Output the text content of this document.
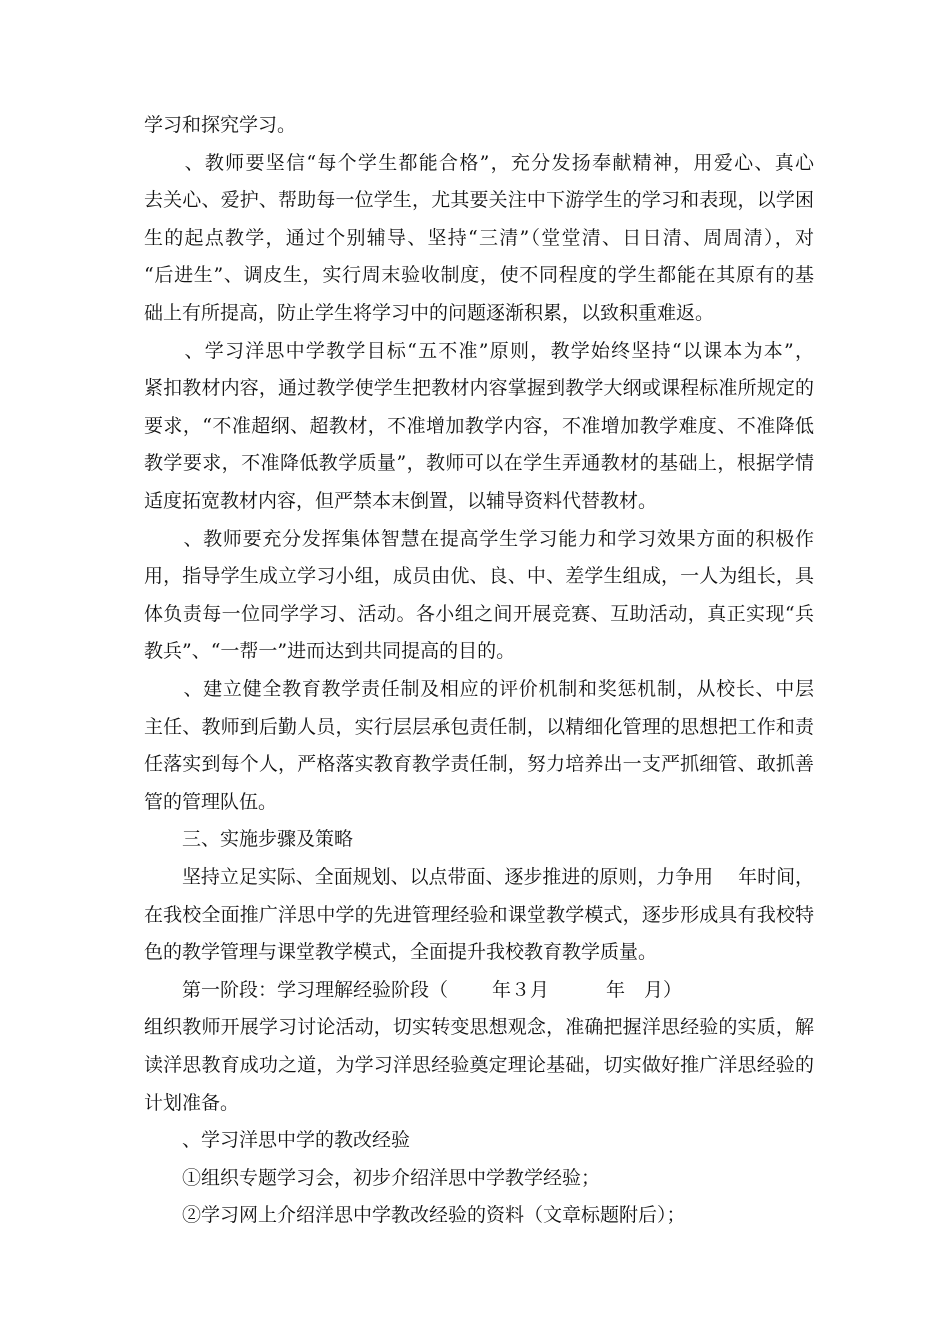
学习和探究学习。
　　、教师要坚信“每个学生都能合格”，充分发扬奉献精神，用爱心、真心
去关心、爱护、帮助每一位学生，尤其要关注中下游学生的学习和表现，以学困
生的起点教学，通过个别辅导、坚持“三清”（堂堂清、日日清、周周清），对
“后进生”、调皮生，实行周末验收制度，使不同程度的学生都能在其原有的基
础上有所提高，防止学生将学习中的问题逐渐积累，以致积重难返。
　　、学习洋思中学教学目标“五不准”原则，教学始终坚持“以课本为本”，
紧扣教材内容，通过教学使学生把教材内容掌握到教学大纲或课程标准所规定的
要求，“不准超纲、超教材，不准增加教学内容，不准增加教学难度、不准降低
教学要求，不准降低教学质量”，教师可以在学生弄通教材的基础上，根据学情
适度拓宽教材内容，但严禁本末倒置，以辅导资料代替教材。
　　、教师要充分发挥集体智慧在提高学生学习能力和学习效果方面的积极作
用，指导学生成立学习小组，成员由优、良、中、差学生组成，一人为组长，具
体负责每一位同学学习、活动。各小组之间开展竞赛、互助活动，真正实现“兵
教兵”、“一帮一”进而达到共同提高的目的。
　　、建立健全教育教学责任制及相应的评价机制和奖惩机制，从校长、中层
主任、教师到后勤人员，实行层层承包责任制，以精细化管理的思想把工作和责
任落实到每个人，严格落实教育教学责任制，努力培养出一支严抓细管、敢抓善
管的管理队伍。
　　三、实施步骤及策略
　　坚持立足实际、全面规划、以点带面、逐步推进的原则，力争用　 年时间，
在我校全面推广洋思中学的先进管理经验和课堂教学模式，逐步形成具有我校特
色的教学管理与课堂教学模式，全面提升我校教育教学质量。
　　第一阶段：学习理解经验阶段（　　 年３月　　　年　月）
组织教师开展学习讨论活动，切实转变思想观念，准确把握洋思经验的实质，解
读洋思教育成功之道，为学习洋思经验奠定理论基础，切实做好推广洋思经验的
计划准备。
　　、学习洋思中学的教改经验
　　①组织专题学习会，初步介绍洋思中学教学经验；
　　②学习网上介绍洋思中学教改经验的资料（文章标题附后）；
